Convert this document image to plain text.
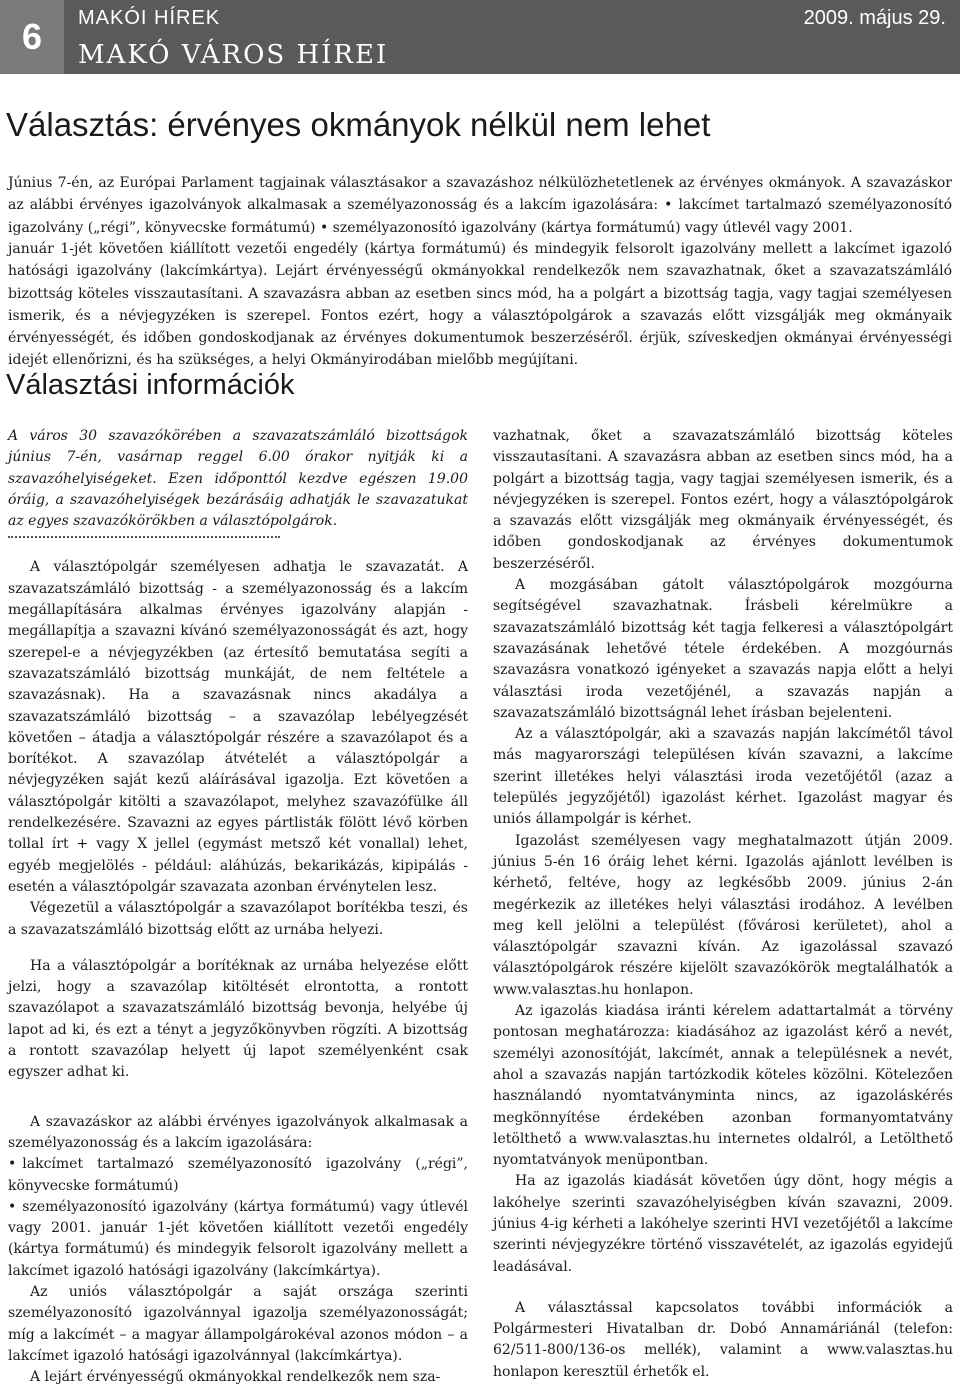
6	MAKÓI HÍREK	2009. május 29.
MAKÓ VÁROS HÍREI
Választás: érvényes okmányok nélkül nem lehet

Június 7-én, az Európai Parlament tagjainak választásakor a szavazáshoz nélkülözhetetlenek az érvényes okmányok. A szavazáskor az alábbi érvényes igazolványok alkalmasak a személyazonosság és a lakcím igazolására: • lakcímet tartalmazó személyazonosító igazolvány („régi”, könyvecske formátumú) • személyazonosító igazolvány (kártya formátumú) vagy útlevél vagy 2001.

január 1-jét követően kiállított vezetői engedély (kártya formátumú) és mindegyik felsorolt igazolvány mellett a lakcímet igazoló hatósági igazolvány (lakcímkártya). Lejárt érvényességű okmányokkal rendelkezők nem szavazhatnak, őket a szavazatszámláló bizottság köteles visszautasítani. A szavazásra abban az esetben sincs mód, ha a polgárt a bizottság tagja, vagy tagjai személyesen ismerik, és a névjegyzéken is szerepel. Fontos ezért, hogy a választópolgárok a szavazás előtt vizsgálják meg okmányaik érvényességét, és időben gondoskodjanak az érvényes dokumentumok beszerzéséről. érjük, szíveskedjen okmányai érvényességi idejét ellenőrizni, és ha szükséges, a helyi Okmányirodában mielőbb megújítani.

Választási információk

A város 30 szavazókörében a szavazatszámláló bizottságok június 7-én, vasárnap reggel 6.00 órakor nyitják ki a szavazóhelyiségeket. Ezen időponttól kezdve egészen 19.00 óráig, a szavazóhelyiségek bezárásáig adhatják le szavazatukat az egyes szavazókörökben a választópolgárok.

A választópolgár személyesen adhatja le szavazatát. A szavazatszámláló bizottság - a személyazonosság és a lakcím megállapítására alkalmas érvényes igazolvány alapján - megállapítja a szavazni kívánó személyazonosságát és azt, hogy szerepel-e a névjegyzékben (az értesítő bemutatása segíti a szavazatszámláló bizottság munkáját, de nem feltétele a szavazásnak). Ha a szavazásnak nincs akadálya a szavazatszámláló bizottság – a szavazólap lebélyegzését követően – átadja a választópolgár részére a szavazólapot és a borítékot. A szavazólap átvételét a választópolgár a névjegyzéken saját kezű aláírásával igazolja. Ezt követően a választópolgár kitölti a szavazólapot, melyhez szavazófülke áll rendelkezésére. Szavazni az egyes pártlisták fölött lévő körben tollal írt + vagy X jellel (egymást metsző két vonallal) lehet, egyéb megjelölés - például: aláhúzás, bekarikázás, kipipálás - esetén a választópolgár szavazata azonban érvénytelen lesz.

Végezetül a választópolgár a szavazólapot borítékba teszi, és a szavazatszámláló bizottság előtt az urnába helyezi.

Ha a választópolgár a borítéknak az urnába helyezése előtt jelzi, hogy a szavazólap kitöltését elrontotta, a rontott szavazólapot a szavazatszámláló bizottság bevonja, helyébe új lapot ad ki, és ezt a tényt a jegyzőkönyvben rögzíti. A bizottság a rontott szavazólap helyett új lapot személyenként csak egyszer adhat ki.

A szavazáskor az alábbi érvényes igazolványok alkalmasak a személyazonosság és a lakcím igazolására:

• lakcímet tartalmazó személyazonosító igazolvány („régi”, könyvecske formátumú)
• személyazonosító igazolvány (kártya formátumú) vagy útlevél vagy 2001. január 1-jét követően kiállított vezetői engedély (kártya formátumú) és mindegyik felsorolt igazolvány mellett a lakcímet igazoló hatósági igazolvány (lakcímkártya).

Az uniós választópolgár a saját országa szerinti személyazonosító igazolvánnyal igazolja személyazonosságát; míg a lakcímét – a magyar állampolgárokéval azonos módon – a lakcímet igazoló hatósági igazolvánnyal (lakcímkártya).

A lejárt érvényességű okmányokkal rendelkezők nem sza-

vazhatnak, őket a szavazatszámláló bizottság köteles visszautasítani. A szavazásra abban az esetben sincs mód, ha a polgárt a bizottság tagja, vagy tagjai személyesen ismerik, és a névjegyzéken is szerepel. Fontos ezért, hogy a választópolgárok a szavazás előtt vizsgálják meg okmányaik érvényességét, és időben gondoskodjanak az érvényes dokumentumok beszerzéséről.

A mozgásában gátolt választópolgárok mozgóurna segítségével szavazhatnak. Írásbeli kérelmükre a szavazatszámláló bizottság két tagja felkeresi a választópolgárt szavazásának lehetővé tétele érdekében. A mozgóurnás szavazásra vonatkozó igényeket a szavazás napja előtt a helyi választási iroda vezetőjénél, a szavazás napján a szavazatszámláló bizottságnál lehet írásban bejelenteni.

Az a választópolgár, aki a szavazás napján lakcímétől távol más magyarországi településen kíván szavazni, a lakcíme szerint illetékes helyi választási iroda vezetőjétől (azaz a település jegyzőjétől) igazolást kérhet. Igazolást magyar és uniós állampolgár is kérhet.

Igazolást személyesen vagy meghatalmazott útján 2009. június 5-én 16 óráig lehet kérni. Igazolás ajánlott levélben is kérhető, feltéve, hogy az legkésőbb 2009. június 2-án megérkezik az illetékes helyi választási irodához. A levélben meg kell jelölni a települést (fővárosi kerületet), ahol a választópolgár szavazni kíván. Az igazolással szavazó választópolgárok részére kijelölt szavazókörök megtalálhatók a www.valasztas.hu honlapon.

Az igazolás kiadása iránti kérelem adattartalmát a törvény pontosan meghatározza: kiadásához az igazolást kérő a nevét, személyi azonosítóját, lakcímét, annak a településnek a nevét, ahol a szavazás napján tartózkodik köteles közölni. Kötelezően használandó nyomtatványminta nincs, az igazoláskérés megkönnyítése érdekében azonban formanyomtatvány letölthető a www.valasztas.hu internetes oldalról, a Letölthető nyomtatványok menüpontban.

Ha az igazolás kiadását követően úgy dönt, hogy mégis a lakóhelye szerinti szavazóhelyiségben kíván szavazni, 2009. június 4-ig kérheti a lakóhelye szerinti HVI vezetőjétől a lakcíme szerinti névjegyzékre történő visszavételét, az igazolás egyidejű leadásával.

A választással kapcsolatos további információk a Polgármesteri Hivatalban dr. Dobó Annamáriánál (telefon: 62/511-800/136-os mellék), valamint a www.valasztas.hu honlapon keresztül érhetők el.
